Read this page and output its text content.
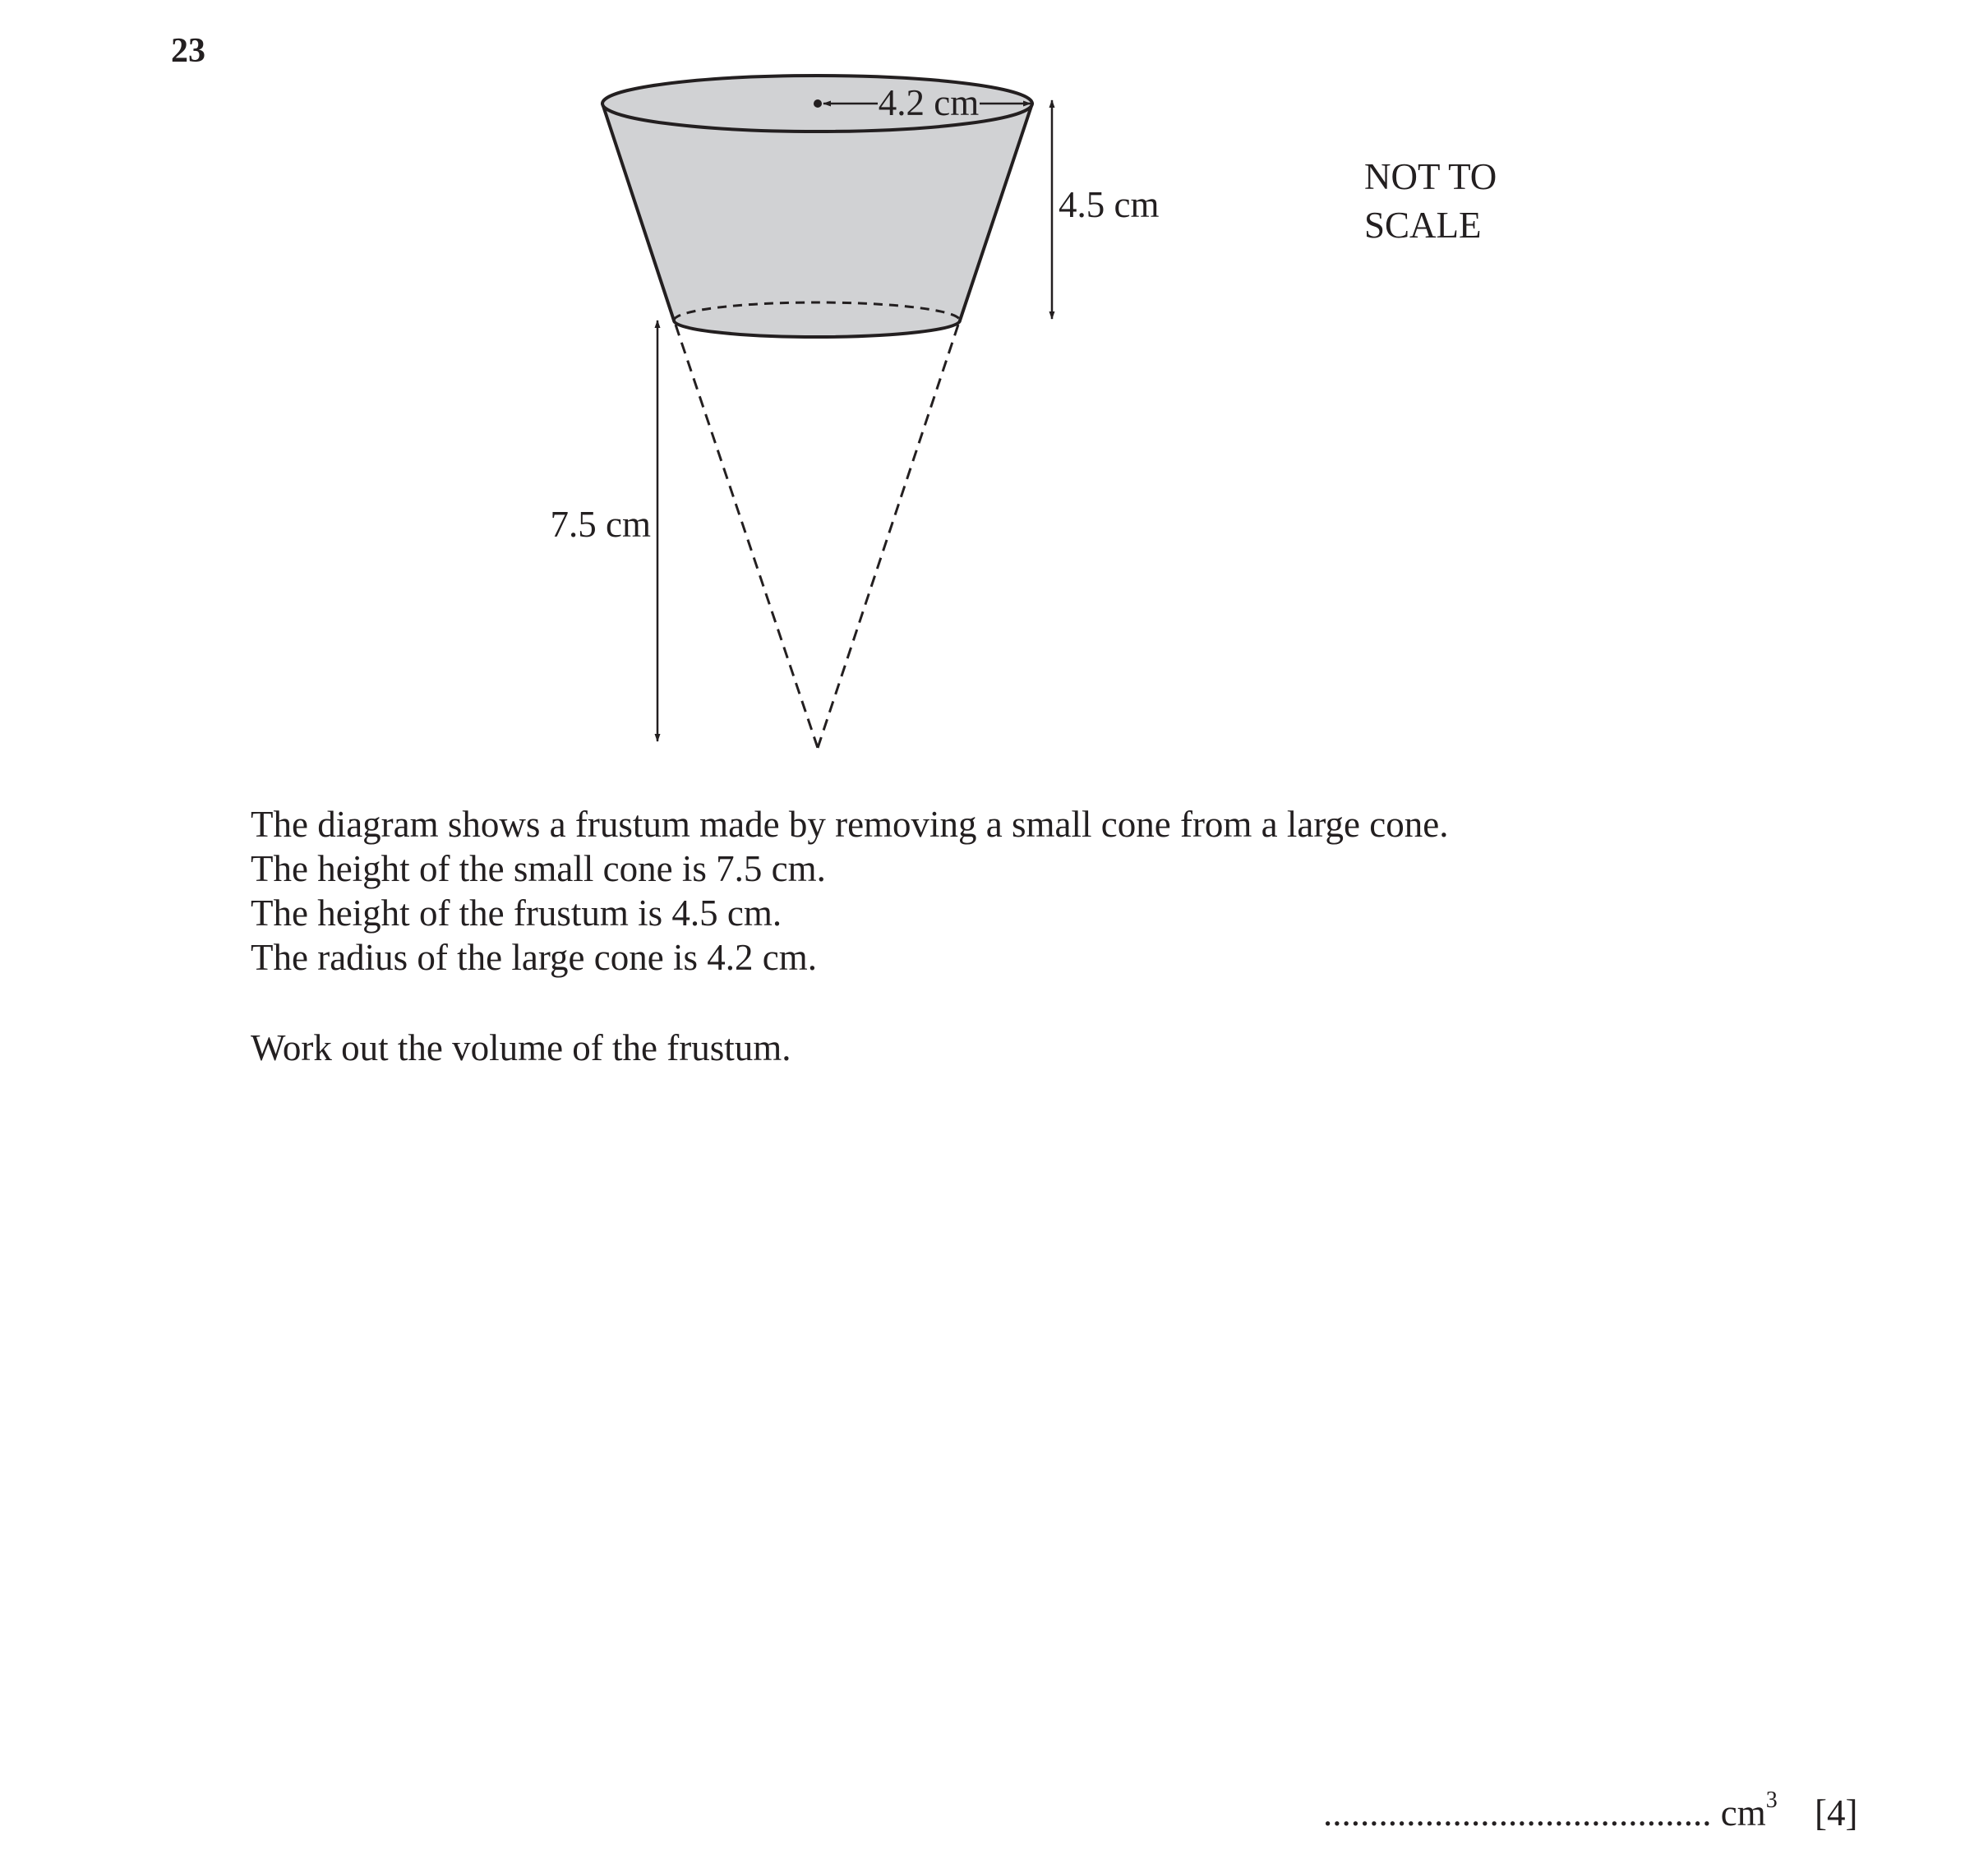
23
4.2 cm
4.5 cm
7.5 cm
NOT TO
SCALE

The diagram shows a frustum made by removing a small cone from a large cone.

The height of the small cone is 7.5 cm.

The height of the frustum is 4.5 cm.

The radius of the large cone is 4.2 cm.

Work out the volume of the frustum.

.......................................... $cm^3$ [4]
